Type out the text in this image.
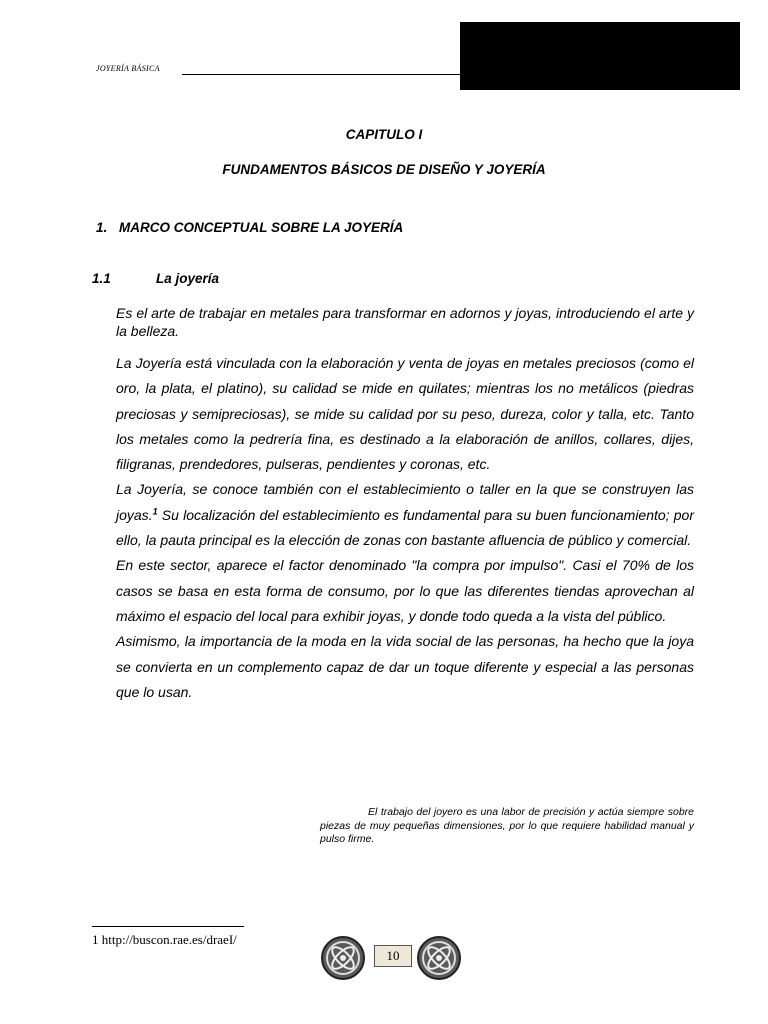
JOYERÍA BÁSICA
CAPITULO I
FUNDAMENTOS BÁSICOS DE DISEÑO Y JOYERÍA
1. MARCO CONCEPTUAL SOBRE LA JOYERÍA
1.1	La joyería

Es el arte de trabajar en metales para transformar en adornos y joyas, introduciendo el arte y la belleza.

La Joyería está vinculada con la elaboración y venta de joyas en metales preciosos (como el oro, la plata, el platino), su calidad se mide en quilates; mientras los no metálicos (piedras preciosas y semipreciosas), se mide su calidad por su peso, dureza, color y talla, etc. Tanto los metales como la pedrería fina, es destinado a la elaboración de anillos, collares, dijes, filigranas, prendedores, pulseras, pendientes y coronas, etc.
La Joyería, se conoce también con el establecimiento o taller en la que se construyen las joyas.$^1$ Su localización del establecimiento es fundamental para su buen funcionamiento; por ello, la pauta principal es la elección de zonas con bastante afluencia de público y comercial.
En este sector, aparece el factor denominado "la compra por impulso". Casi el 70% de los casos se basa en esta forma de consumo, por lo que las diferentes tiendas aprovechan al máximo el espacio del local para exhibir joyas, y donde todo queda a la vista del público.
Asimismo, la importancia de la moda en la vida social de las personas, ha hecho que la joya se convierta en un complemento capaz de dar un toque diferente y especial a las personas que lo usan.

El trabajo del joyero es una labor de precisión y actúa siempre sobre piezas de muy pequeñas dimensiones, por lo que requiere habilidad manual y pulso firme.

1 http://buscon.rae.es/draeI/
10
